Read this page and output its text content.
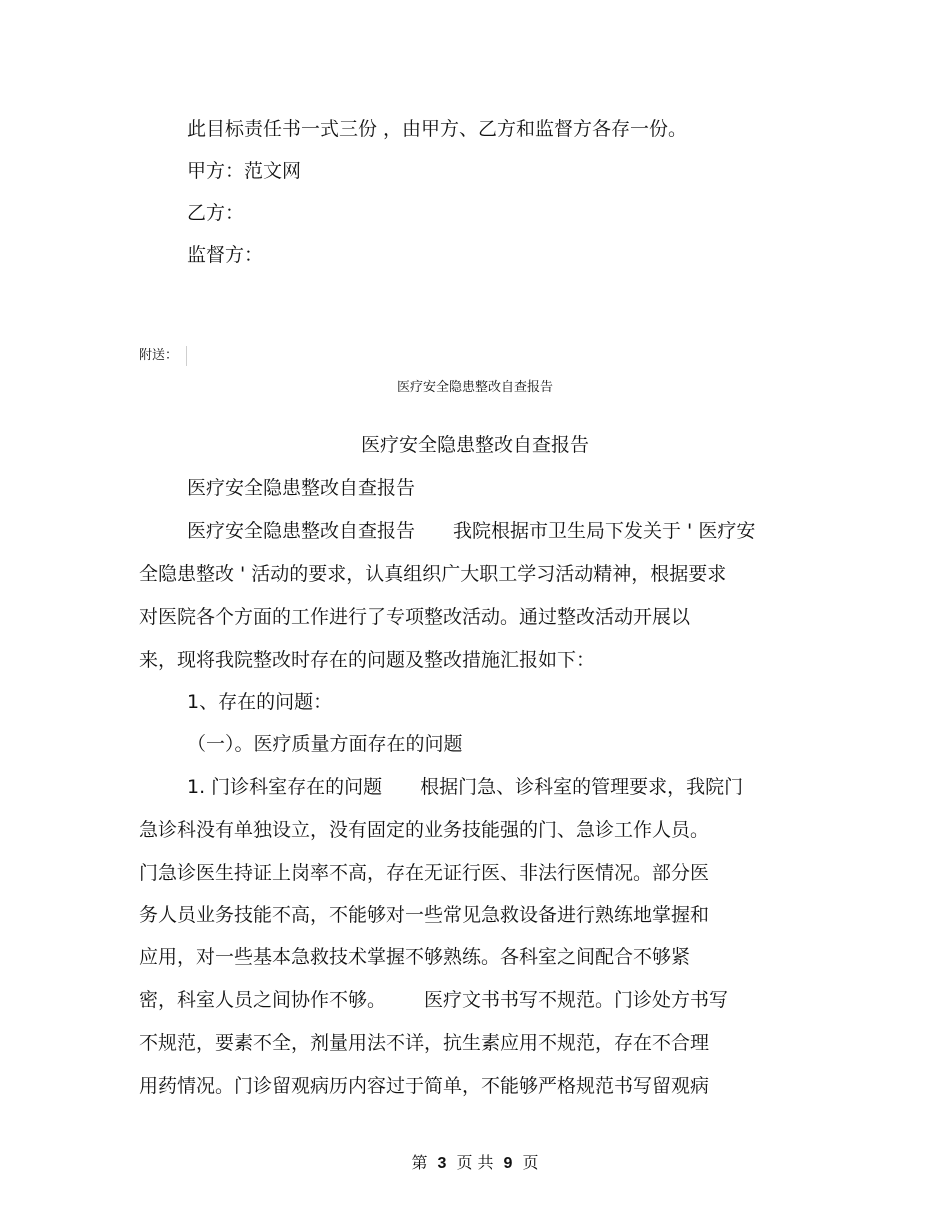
此目标责任书一式三份 ，由甲方、乙方和监督方各存一份。
甲方：范文网
乙方：
监督方：
附送：
医疗安全隐患整改自查报告
医疗安全隐患整改自查报告
医疗安全隐患整改自查报告
医疗安全隐患整改自查报告 我院根据市卫生局下发关于 ' 医疗安
全隐患整改 ' 活动的要求，认真组织广大职工学习活动精神，根据要求
对医院各个方面的工作进行了专项整改活动。通过整改活动开展以
来，现将我院整改时存在的问题及整改措施汇报如下：
1、存在的问题：
（一）。医疗质量方面存在的问题
1. 门诊科室存在的问题 根据门急、诊科室的管理要求，我院门
急诊科没有单独设立，没有固定的业务技能强的门、急诊工作人员。
门急诊医生持证上岗率不高，存在无证行医、非法行医情况。部分医
务人员业务技能不高，不能够对一些常见急救设备进行熟练地掌握和
应用，对一些基本急救技术掌握不够熟练。各科室之间配合不够紧
密，科室人员之间协作不够。 医疗文书书写不规范。门诊处方书写
不规范，要素不全，剂量用法不详，抗生素应用不规范，存在不合理
用药情况。门诊留观病历内容过于简单，不能够严格规范书写留观病
第 3 页 共 9 页
